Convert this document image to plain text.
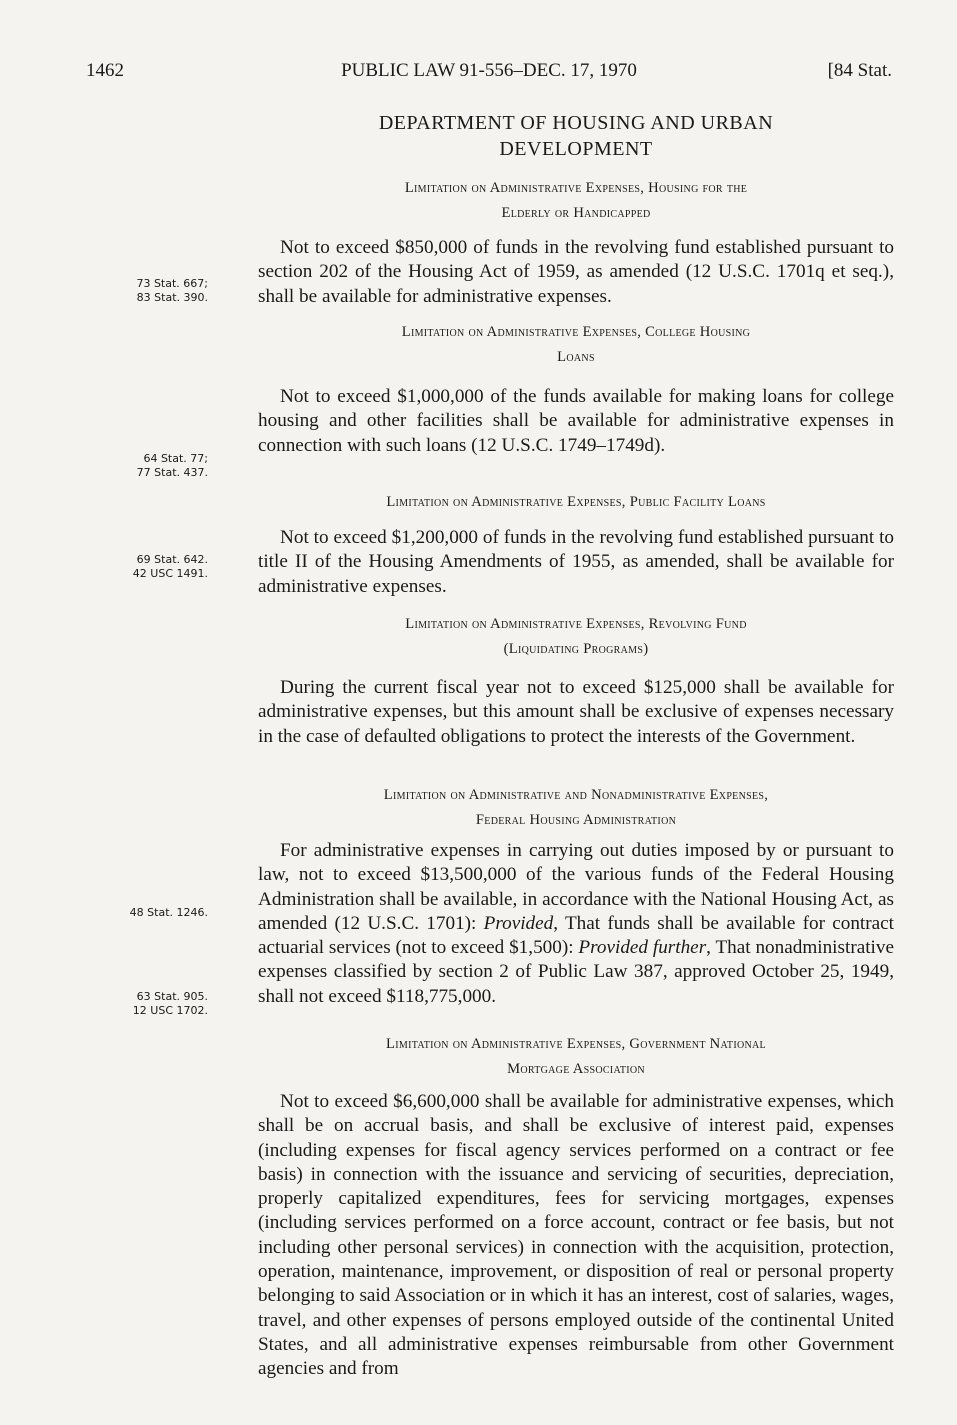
1462	PUBLIC LAW 91-556–DEC. 17, 1970	[84 Stat.
DEPARTMENT OF HOUSING AND URBAN
DEVELOPMENT
Limitation on Administrative Expenses, Housing for the
Elderly or Handicapped

Not to exceed $850,000 of funds in the revolving fund established pursuant to section 202 of the Housing Act of 1959, as amended (12 U.S.C. 1701q et seq.), shall be available for administrative expenses.

Limitation on Administrative Expenses, College Housing
Loans

Not to exceed $1,000,000 of the funds available for making loans for college housing and other facilities shall be available for administrative expenses in connection with such loans (12 U.S.C. 1749–1749d).

Limitation on Administrative Expenses, Public Facility Loans

Not to exceed $1,200,000 of funds in the revolving fund established pursuant to title II of the Housing Amendments of 1955, as amended, shall be available for administrative expenses.

Limitation on Administrative Expenses, Revolving Fund
(Liquidating Programs)

During the current fiscal year not to exceed $125,000 shall be available for administrative expenses, but this amount shall be exclusive of expenses necessary in the case of defaulted obligations to protect the interests of the Government.

Limitation on Administrative and Nonadministrative Expenses,
Federal Housing Administration

For administrative expenses in carrying out duties imposed by or pursuant to law, not to exceed $13,500,000 of the various funds of the Federal Housing Administration shall be available, in accordance with the National Housing Act, as amended (12 U.S.C. 1701): Provided, That funds shall be available for contract actuarial services (not to exceed $1,500): Provided further, That nonadministrative expenses classified by section 2 of Public Law 387, approved October 25, 1949, shall not exceed $118,775,000.

Limitation on Administrative Expenses, Government National
Mortgage Association

Not to exceed $6,600,000 shall be available for administrative expenses, which shall be on accrual basis, and shall be exclusive of interest paid, expenses (including expenses for fiscal agency services performed on a contract or fee basis) in connection with the issuance and servicing of securities, depreciation, properly capitalized expenditures, fees for servicing mortgages, expenses (including services performed on a force account, contract or fee basis, but not including other personal services) in connection with the acquisition, protection, operation, maintenance, improvement, or disposition of real or personal property belonging to said Association or in which it has an interest, cost of salaries, wages, travel, and other expenses of persons employed outside of the continental United States, and all administrative expenses reimbursable from other Government agencies and from

73 Stat. 667;
83 Stat. 390.
64 Stat. 77;
77 Stat. 437.
69 Stat. 642.
42 USC 1491.
48 Stat. 1246.
63 Stat. 905.
12 USC 1702.
